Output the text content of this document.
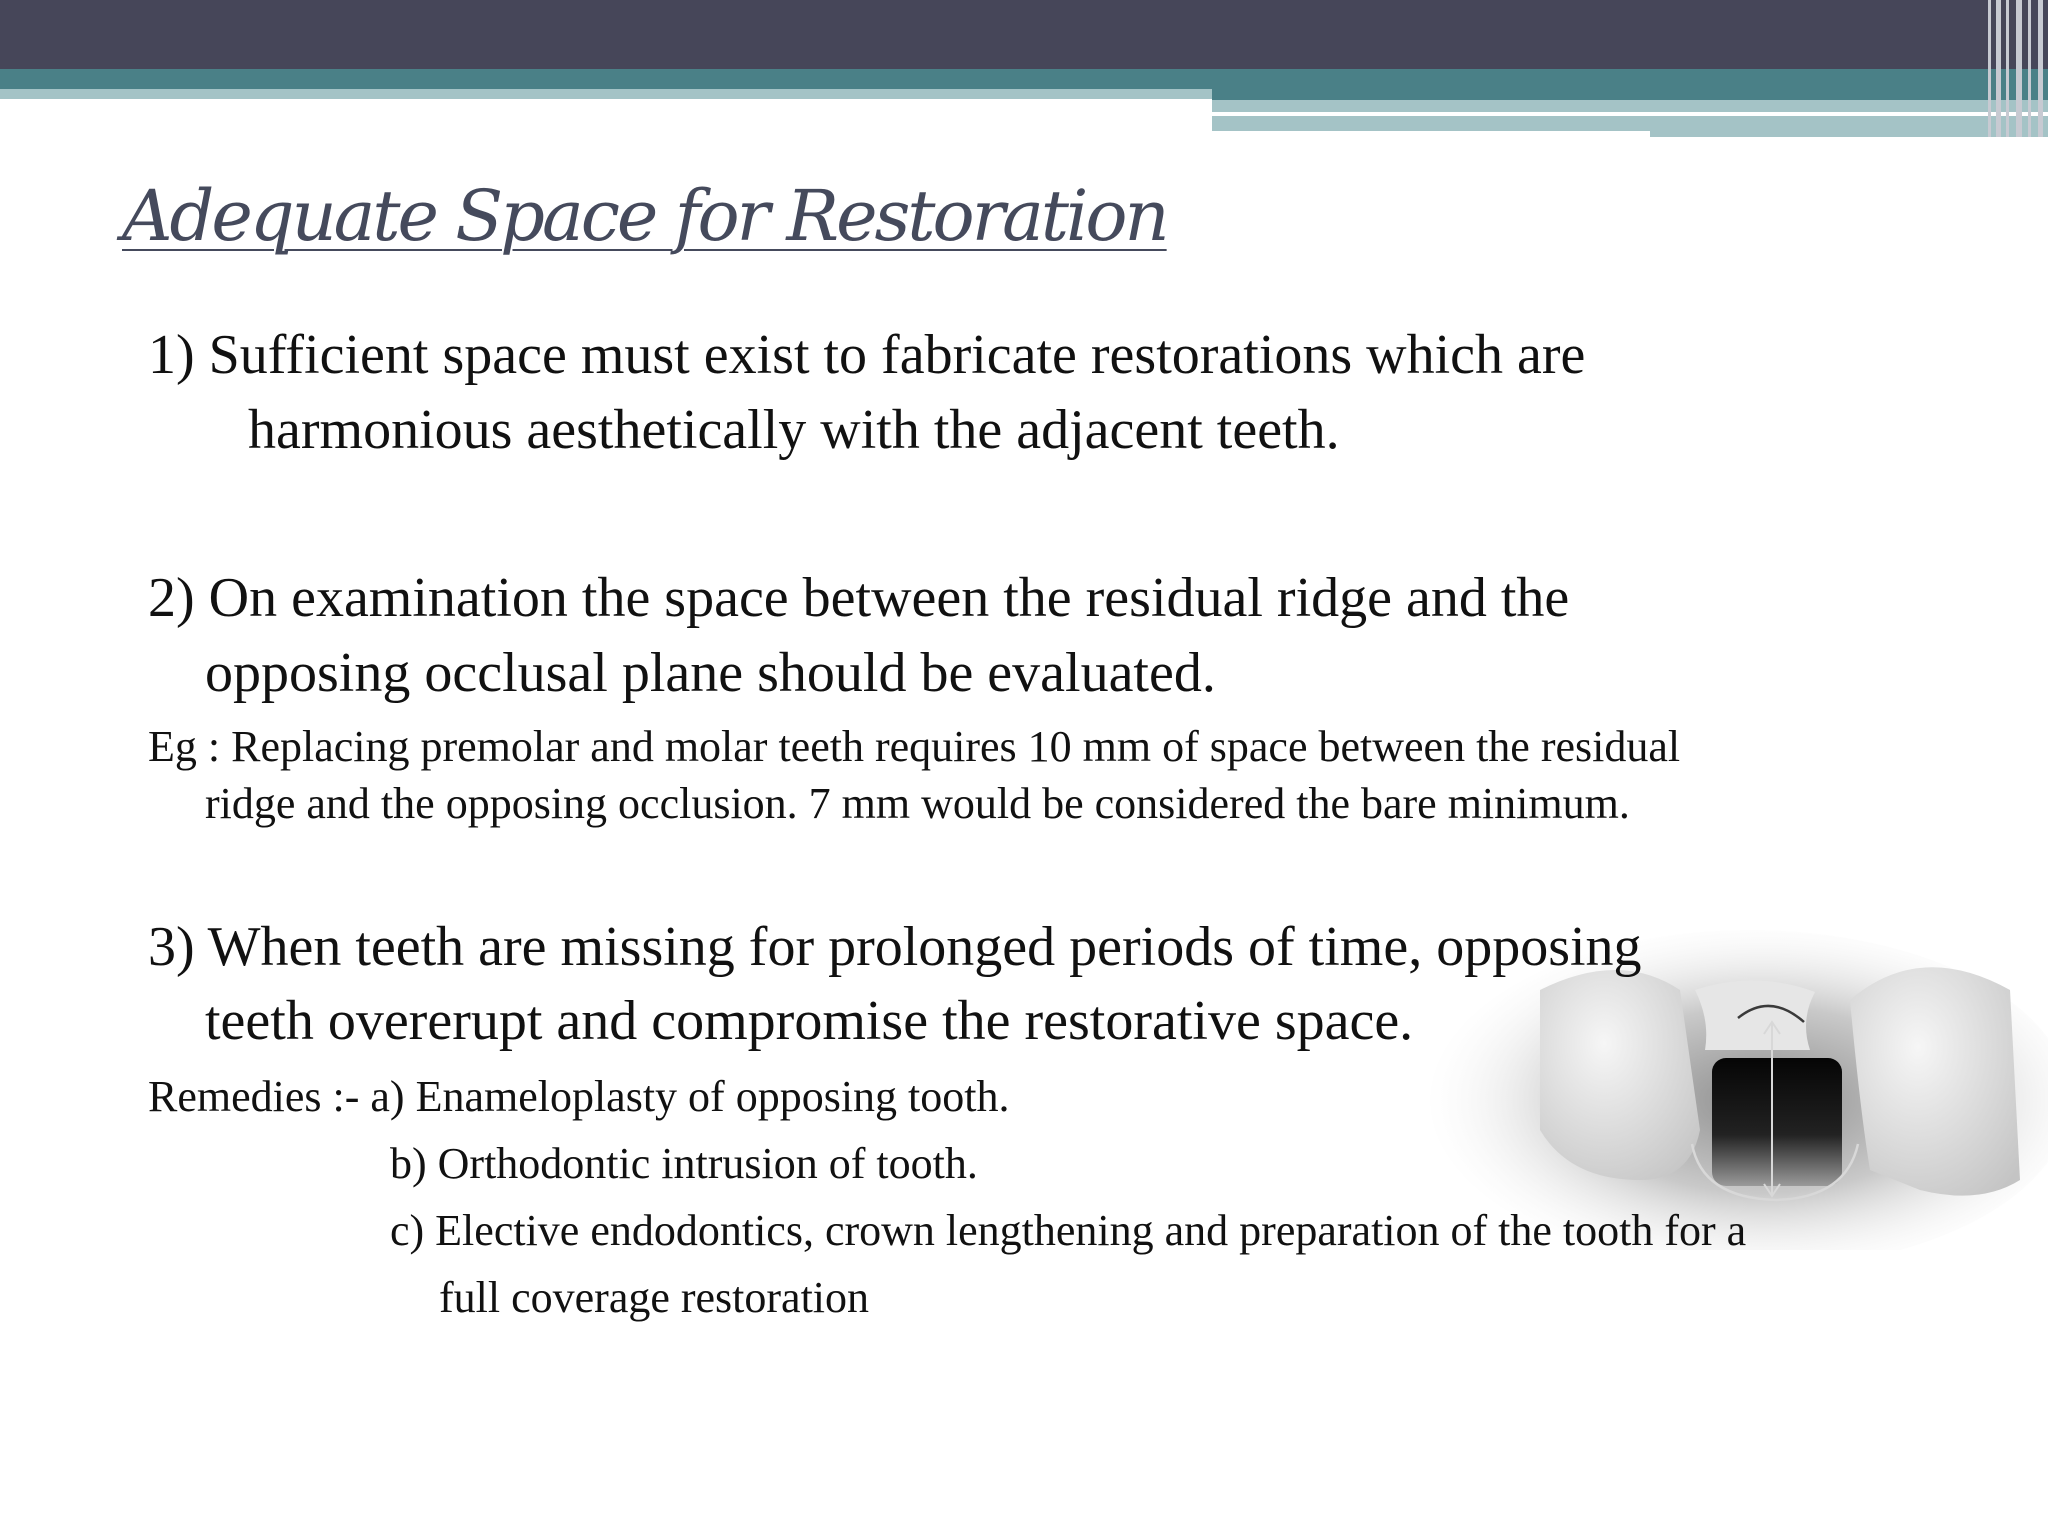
Adequate Space for Restoration

1) Sufficient space must exist to fabricate restorations which are

harmonious aesthetically with the adjacent teeth.

2) On examination the space between the residual ridge and the

opposing occlusal plane should be evaluated.

Eg : Replacing premolar and molar teeth requires 10 mm of space between the residual

ridge and the opposing occlusion. 7 mm would be considered the bare minimum.

3) When teeth are missing for prolonged periods of time, opposing

teeth overerupt and compromise the restorative space.

Remedies :- a) Enameloplasty of opposing tooth.

b) Orthodontic intrusion of tooth.

c) Elective endodontics, crown lengthening and preparation of the tooth for a

full coverage restoration
